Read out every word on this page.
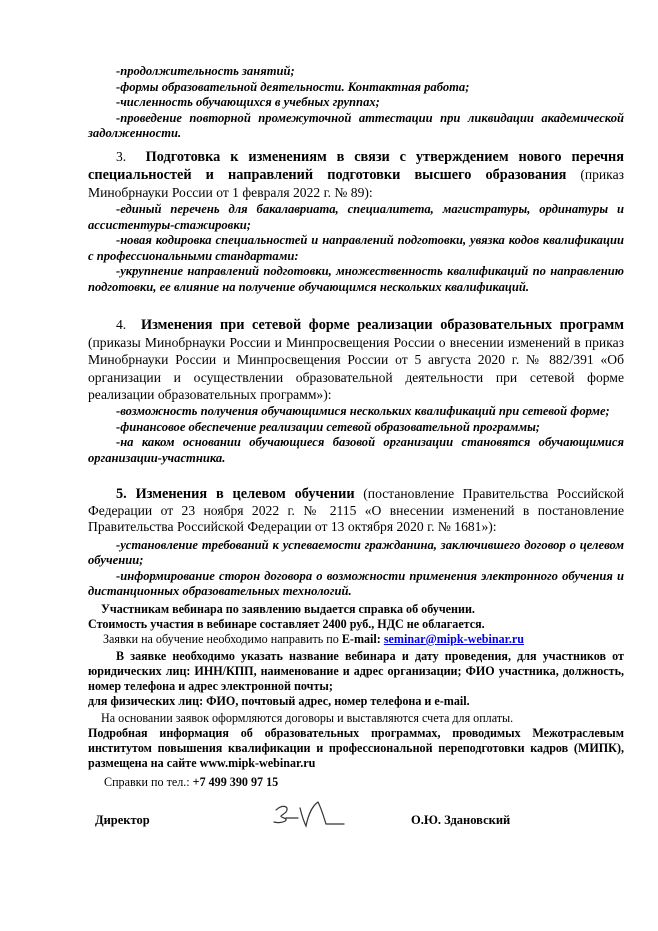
-продолжительность занятий;
-формы образовательной деятельности. Контактная работа;
-численность обучающихся в учебных группах;
-проведение повторной промежуточной аттестации при ликвидации академической задолженности.
3. Подготовка к изменениям в связи с утверждением нового перечня специальностей и направлений подготовки высшего образования (приказ Минобрнауки России от 1 февраля 2022 г. № 89):
-единый перечень для бакалавриата, специалитета, магистратуры, ординатуры и ассистентуры-стажировки;
-новая кодировка специальностей и направлений подготовки, увязка кодов квалификации с профессиональными стандартами:
-укрупнение направлений подготовки, множественность квалификаций по направлению подготовки, ее влияние на получение обучающимся нескольких квалификаций.
4. Изменения при сетевой форме реализации образовательных программ (приказы Минобрнауки России и Минпросвещения России о внесении изменений в приказ Минобрнауки России и Минпросвещения России от 5 августа 2020 г. № 882/391 «Об организации и осуществлении образовательной деятельности при сетевой форме реализации образовательных программ»):
-возможность получения обучающимися нескольких квалификаций при сетевой форме;
-финансовое обеспечение реализации сетевой образовательной программы;
-на каком основании обучающиеся базовой организации становятся обучающимися организации-участника.
5. Изменения в целевом обучении (постановление Правительства Российской Федерации от 23 ноября 2022 г. № 2115 «О внесении изменений в постановление Правительства Российской Федерации от 13 октября 2020 г. № 1681»):
-установление требований к успеваемости гражданина, заключившего договор о целевом обучении;
-информирование сторон договора о возможности применения электронного обучения и дистанционных образовательных технологий.
Участникам вебинара по заявлению выдается справка об обучении.
Стоимость участия в вебинаре составляет 2400 руб., НДС не облагается.
Заявки на обучение необходимо направить по E-mail: seminar@mipk-webinar.ru
В заявке необходимо указать название вебинара и дату проведения, для участников от юридических лиц: ИНН/КПП, наименование и адрес организации; ФИО участника, должность, номер телефона и адрес электронной почты;
для физических лиц: ФИО, почтовый адрес, номер телефона и e-mail.
На основании заявок оформляются договоры и выставляются счета для оплаты.
Подробная информация об образовательных программах, проводимых Межотраслевым институтом повышения квалификации и профессиональной переподготовки кадров (МИПК), размещена на сайте www.mipk-webinar.ru
Справки по тел.: +7 499 390 97 15
Директор	О.Ю. Здановский
